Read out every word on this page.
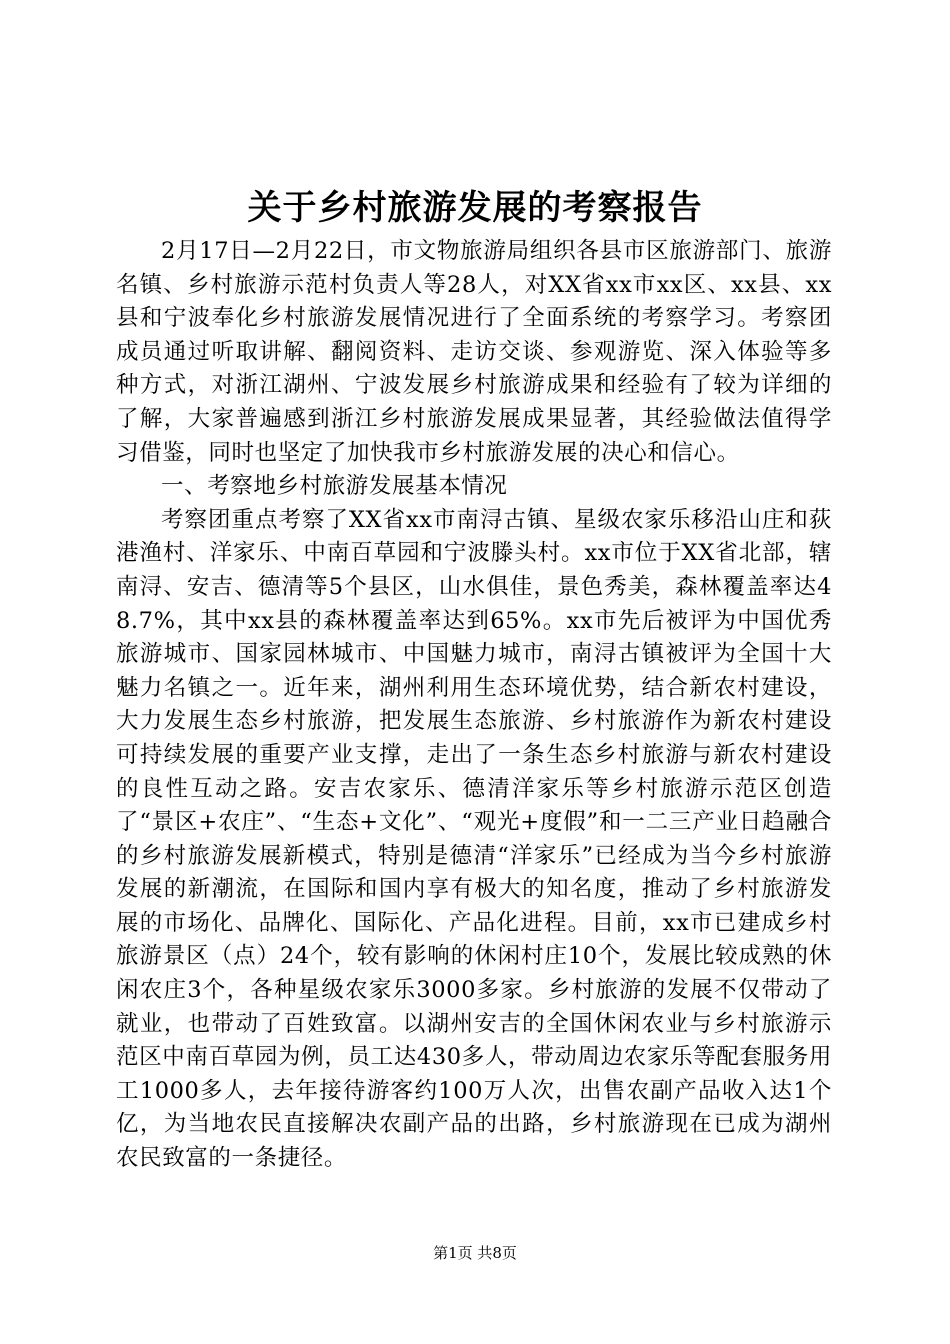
关于乡村旅游发展的考察报告

2月17日—2月22日，市文物旅游局组织各县市区旅游部门、旅游名镇、乡村旅游示范村负责人等28人，对XX省xx市xx区、xx县、xx县和宁波奉化乡村旅游发展情况进行了全面系统的考察学习。考察团成员通过听取讲解、翻阅资料、走访交谈、参观游览、深入体验等多种方式，对浙江湖州、宁波发展乡村旅游成果和经验有了较为详细的了解，大家普遍感到浙江乡村旅游发展成果显著，其经验做法值得学习借鉴，同时也坚定了加快我市乡村旅游发展的决心和信心。

一、考察地乡村旅游发展基本情况

考察团重点考察了XX省xx市南浔古镇、星级农家乐移沿山庄和荻港渔村、洋家乐、中南百草园和宁波滕头村。xx市位于XX省北部，辖南浔、安吉、德清等5个县区，山水俱佳，景色秀美，森林覆盖率达48.7%，其中xx县的森林覆盖率达到65%。xx市先后被评为中国优秀旅游城市、国家园林城市、中国魅力城市，南浔古镇被评为全国十大魅力名镇之一。近年来，湖州利用生态环境优势，结合新农村建设，大力发展生态乡村旅游，把发展生态旅游、乡村旅游作为新农村建设可持续发展的重要产业支撑，走出了一条生态乡村旅游与新农村建设的良性互动之路。安吉农家乐、德清洋家乐等乡村旅游示范区创造了“景区+农庄”、“生态+文化”、“观光+度假”和一二三产业日趋融合的乡村旅游发展新模式，特别是德清“洋家乐”已经成为当今乡村旅游发展的新潮流，在国际和国内享有极大的知名度，推动了乡村旅游发展的市场化、品牌化、国际化、产品化进程。目前，xx市已建成乡村旅游景区（点）24个，较有影响的休闲村庄10个，发展比较成熟的休闲农庄3个，各种星级农家乐3000多家。乡村旅游的发展不仅带动了就业，也带动了百姓致富。以湖州安吉的全国休闲农业与乡村旅游示范区中南百草园为例，员工达430多人，带动周边农家乐等配套服务用工1000多人，去年接待游客约100万人次，出售农副产品收入达1个亿，为当地农民直接解决农副产品的出路，乡村旅游现在已成为湖州农民致富的一条捷径。

第1页 共8页
